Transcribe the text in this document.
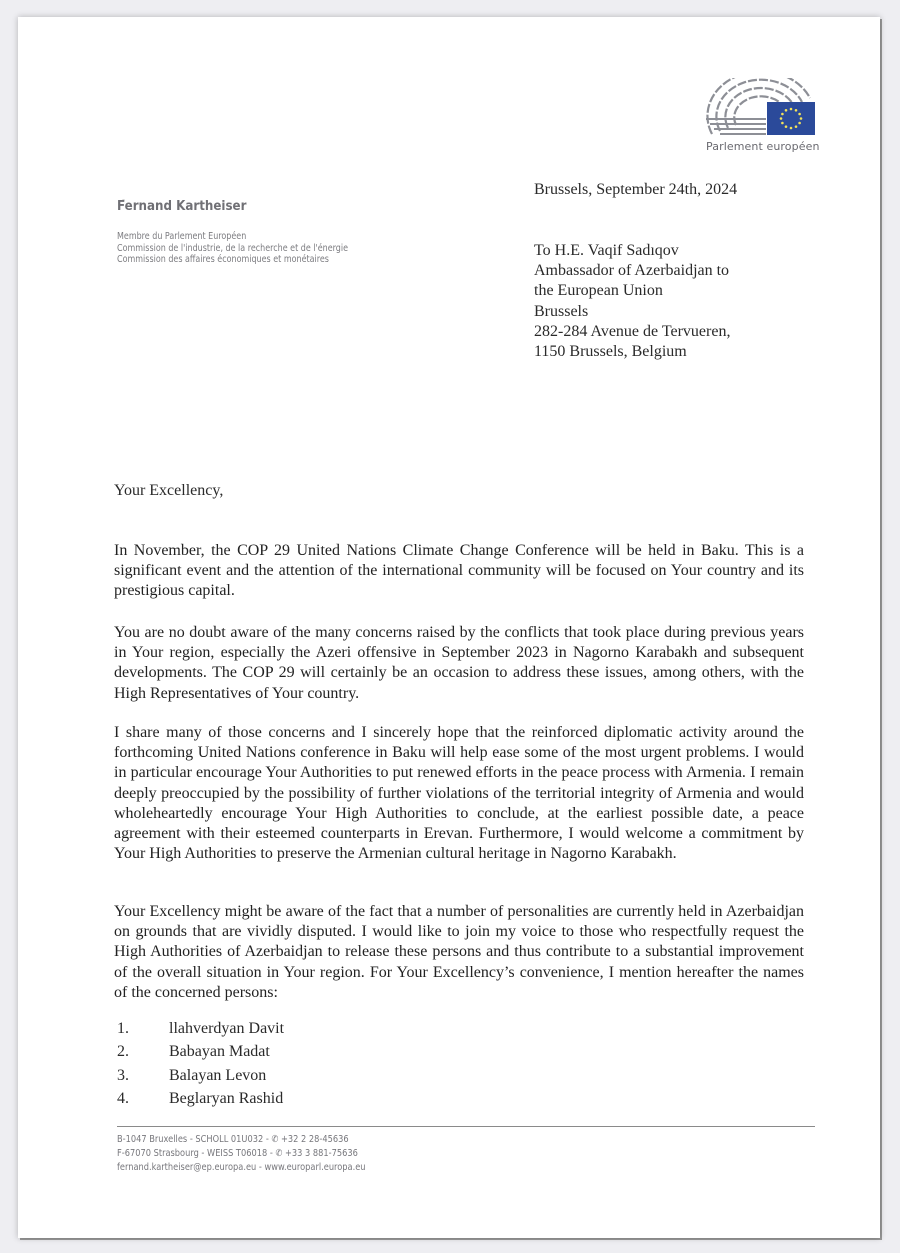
Parlement européen
Fernand Kartheiser
Membre du Parlement Européen
Commission de l'industrie, de la recherche et de l'énergie
Commission des affaires économiques et monétaires
Brussels, September 24th, 2024
To H.E. Vaqif Sadıqov
Ambassador of Azerbaidjan to
the European Union
Brussels
282-284 Avenue de Tervueren,
1150 Brussels, Belgium
Your Excellency,
In November, the COP 29 United Nations Climate Change Conference will be held in Baku. This is a significant event and the attention of the international community will be focused on Your country and its prestigious capital.
You are no doubt aware of the many concerns raised by the conflicts that took place during previous years in Your region, especially the Azeri offensive in September 2023 in Nagorno Karabakh and subsequent developments. The COP 29 will certainly be an occasion to address these issues, among others, with the High Representatives of Your country.
I share many of those concerns and I sincerely hope that the reinforced diplomatic activity around the forthcoming United Nations conference in Baku will help ease some of the most urgent problems. I would in particular encourage Your Authorities to put renewed efforts in the peace process with Armenia. I remain deeply preoccupied by the possibility of further violations of the territorial integrity of Armenia and would wholeheartedly encourage Your High Authorities to conclude, at the earliest possible date, a peace agreement with their esteemed counterparts in Erevan. Furthermore, I would welcome a commitment by Your High Authorities to preserve the Armenian cultural heritage in Nagorno Karabakh.
Your Excellency might be aware of the fact that a number of personalities are currently held in Azerbaidjan on grounds that are vividly disputed. I would like to join my voice to those who respectfully request the High Authorities of Azerbaidjan to release these persons and thus contribute to a substantial improvement of the overall situation in Your region. For Your Excellency’s convenience, I mention hereafter the names of the concerned persons:
1.	llahverdyan Davit
2.	Babayan Madat
3.	Balayan Levon
4.	Beglaryan Rashid
B-1047 Bruxelles - SCHOLL 01U032 - ✆ +32 2 28-45636
F-67070 Strasbourg - WEISS T06018 - ✆ +33 3 881-75636
fernand.kartheiser@ep.europa.eu - www.europarl.europa.eu
